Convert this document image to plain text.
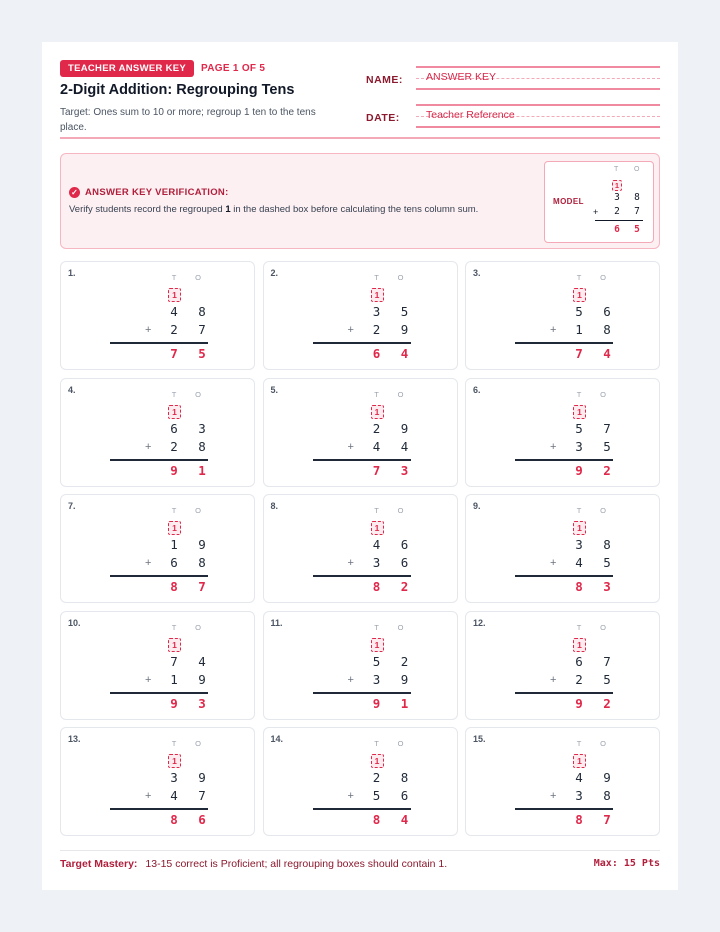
TEACHER ANSWER KEY	PAGE 1 OF 5
2-Digit Addition: Regrouping Tens
Target: Ones sum to 10 or more; regroup 1 ten to the tens place.
NAME: ANSWER KEY
DATE: Teacher Reference
✓ ANSWER KEY VERIFICATION:
Verify students record the regrouped 1 in the dashed box before calculating the tens column sum.
MODEL
T O
1
3 8
+ 2 7
6 5
1.	T	O
1
4 8
+ 2 7
7 5
2.	T	O
1
3 5
+ 2 9
6 4
3.	T	O
1
5 6
+ 1 8
7 4
4.	T	O
1
6 3
+ 2 8
9 1
5.	T	O
1
2 9
+ 4 4
7 3
6.	T	O
1
5 7
+ 3 5
9 2
7.	T	O
1
1 9
+ 6 8
8 7
8.	T	O
1
4 6
+ 3 6
8 2
9.	T	O
1
3 8
+ 4 5
8 3
10.	T	O
1
7 4
+ 1 9
9 3
11.	T	O
1
5 2
+ 3 9
9 1
12.	T	O
1
6 7
+ 2 5
9 2
13.	T	O
1
3 9
+ 4 7
8 6
14.	T	O
1
2 8
+ 5 6
8 4
15.	T	O
1
4 9
+ 3 8
8 7
Target Mastery: 13-15 correct is Proficient; all regrouping boxes should contain 1.	Max: 15 Pts
